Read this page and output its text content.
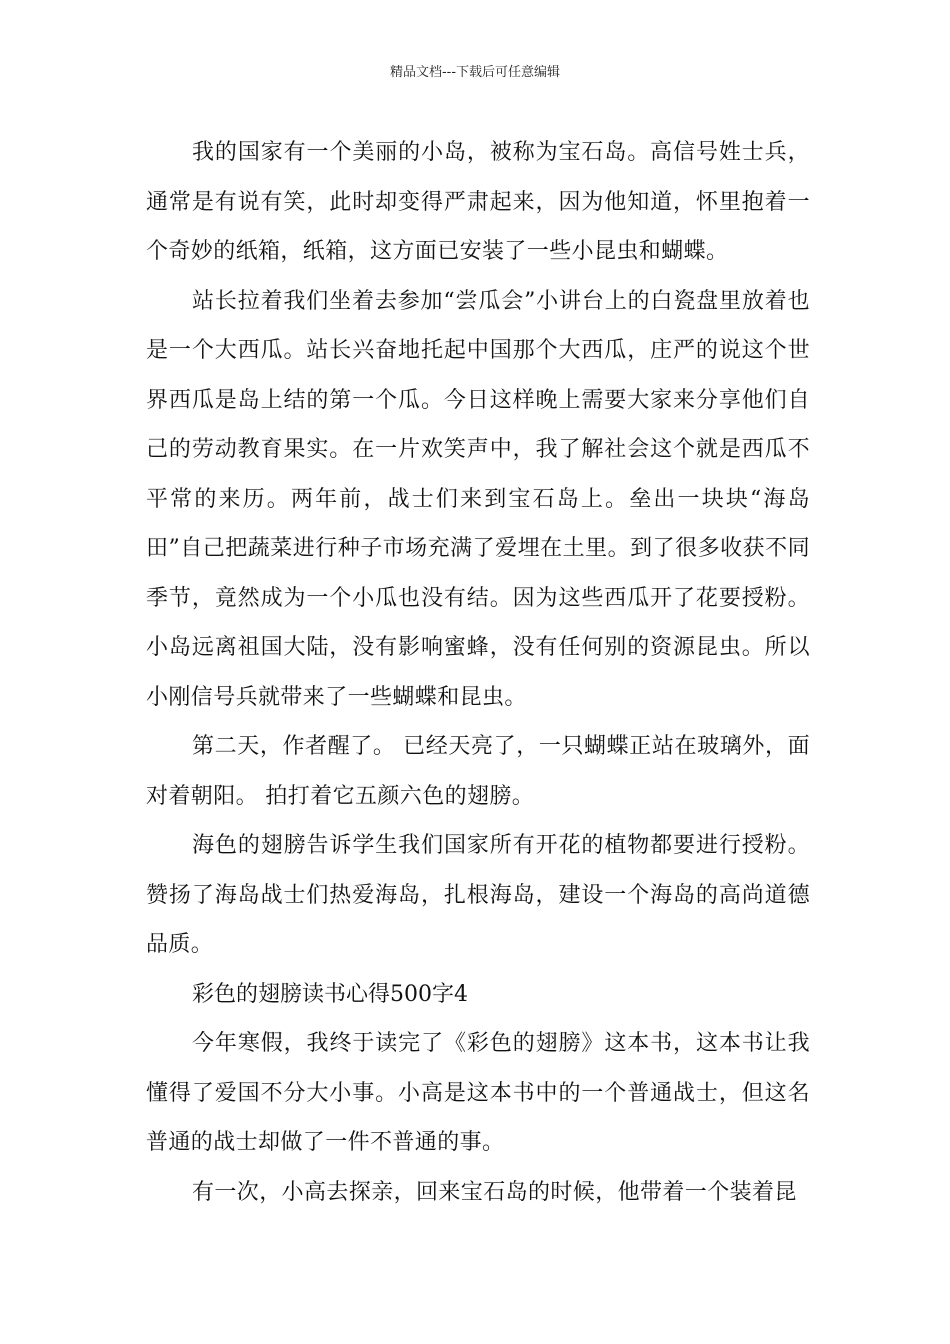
精品文档---下载后可任意编辑

我的国家有一个美丽的小岛，被称为宝石岛。高信号姓士兵，通常是有说有笑，此时却变得严肃起来，因为他知道，怀里抱着一个奇妙的纸箱，纸箱，这方面已安装了一些小昆虫和蝴蝶。

站长拉着我们坐着去参加“尝瓜会”小讲台上的白瓷盘里放着也是一个大西瓜。站长兴奋地托起中国那个大西瓜，庄严的说这个世界西瓜是岛上结的第一个瓜。今日这样晚上需要大家来分享他们自己的劳动教育果实。在一片欢笑声中，我了解社会这个就是西瓜不平常的来历。两年前，战士们来到宝石岛上。垒出一块块“海岛田”自己把蔬菜进行种子市场充满了爱埋在土里。到了很多收获不同季节，竟然成为一个小瓜也没有结。因为这些西瓜开了花要授粉。小岛远离祖国大陆，没有影响蜜蜂，没有任何别的资源昆虫。所以小刚信号兵就带来了一些蝴蝶和昆虫。

第二天，作者醒了。 已经天亮了，一只蝴蝶正站在玻璃外，面对着朝阳。 拍打着它五颜六色的翅膀。

海色的翅膀告诉学生我们国家所有开花的植物都要进行授粉。赞扬了海岛战士们热爱海岛，扎根海岛，建设一个海岛的高尚道德品质。

彩色的翅膀读书心得500字4

今年寒假，我终于读完了《彩色的翅膀》这本书，这本书让我懂得了爱国不分大小事。小高是这本书中的一个普通战士，但这名普通的战士却做了一件不普通的事。

有一次，小高去探亲，回来宝石岛的时候，他带着一个装着昆
